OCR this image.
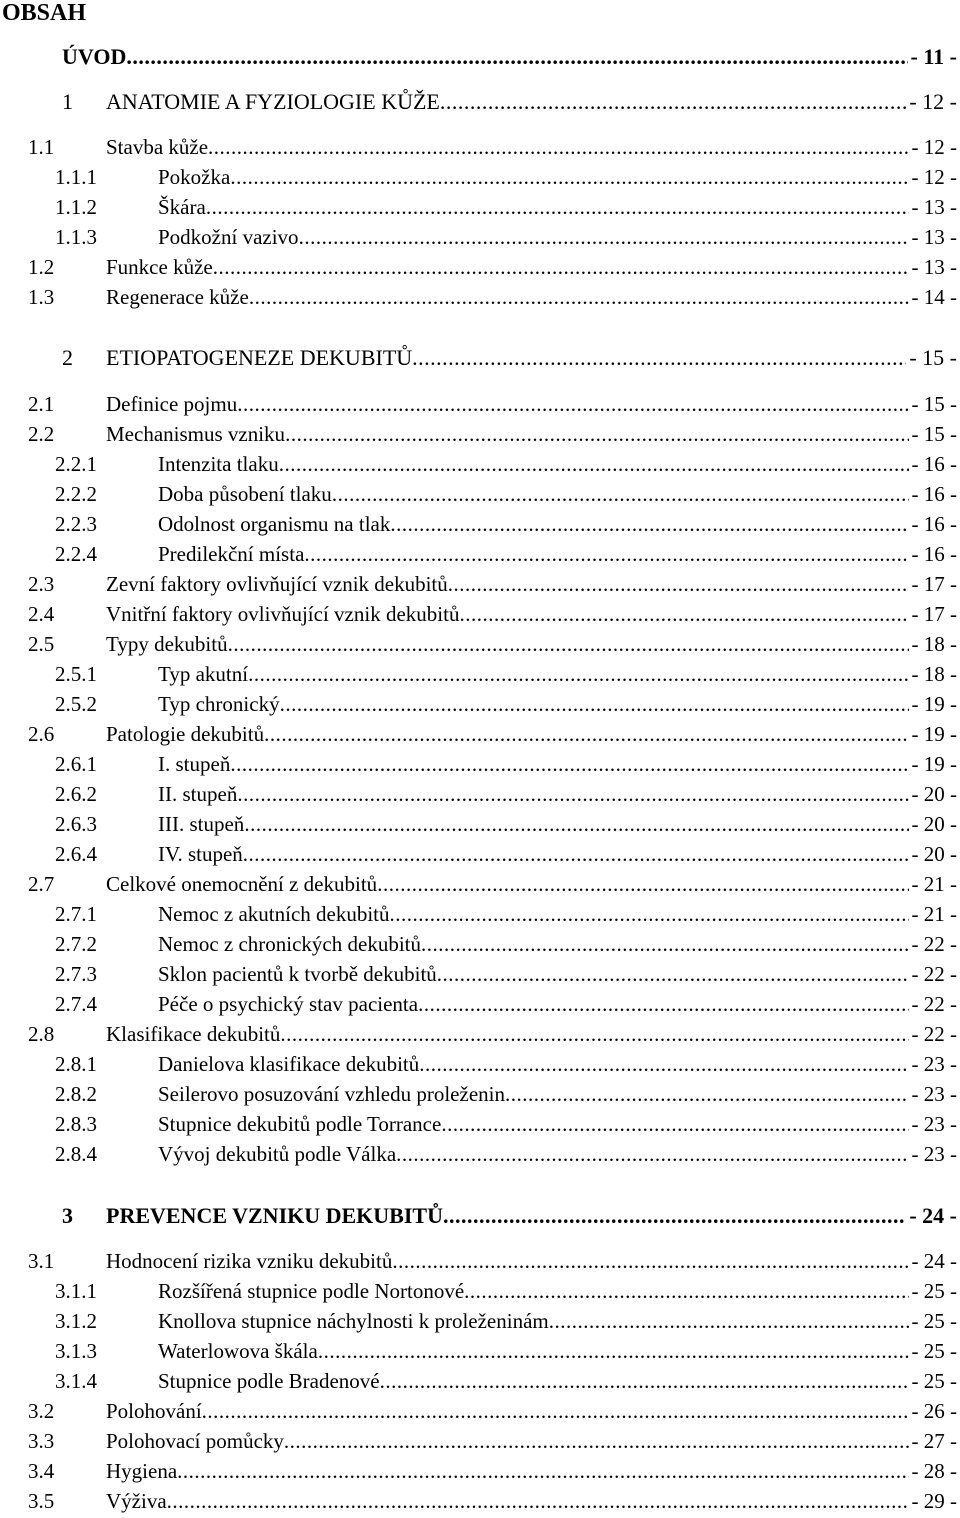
OBSAH
ÚVOD .....	- 11 -
1	ANATOMIE A FYZIOLOGIE KŮŽE .....	- 12 -
1.1	Stavba kůže .....	- 12 -
1.1.1	Pokožka .....	- 12 -
1.1.2	Škára .....	- 13 -
1.1.3	Podkožní vazivo .....	- 13 -
1.2	Funkce kůže .....	- 13 -
1.3	Regenerace kůže .....	- 14 -
2	ETIOPATOGENEZE DEKUBITŮ .....	- 15 -
2.1	Definice pojmu .....	- 15 -
2.2	Mechanismus vzniku .....	- 15 -
2.2.1	Intenzita tlaku .....	- 16 -
2.2.2	Doba působení tlaku .....	- 16 -
2.2.3	Odolnost organismu na tlak .....	- 16 -
2.2.4	Predilekční místa .....	- 16 -
2.3	Zevní faktory ovlivňující vznik dekubitů .....	- 17 -
2.4	Vnitřní faktory ovlivňující vznik dekubitů .....	- 17 -
2.5	Typy dekubitů .....	- 18 -
2.5.1	Typ akutní .....	- 18 -
2.5.2	Typ chronický .....	- 19 -
2.6	Patologie dekubitů .....	- 19 -
2.6.1	I. stupeň .....	- 19 -
2.6.2	II. stupeň .....	- 20 -
2.6.3	III. stupeň .....	- 20 -
2.6.4	IV. stupeň .....	- 20 -
2.7	Celkové onemocnění z dekubitů .....	- 21 -
2.7.1	Nemoc z akutních dekubitů .....	- 21 -
2.7.2	Nemoc z chronických dekubitů .....	- 22 -
2.7.3	Sklon pacientů k tvorbě dekubitů .....	- 22 -
2.7.4	Péče o psychický stav pacienta .....	- 22 -
2.8	Klasifikace dekubitů .....	- 22 -
2.8.1	Danielova klasifikace dekubitů .....	- 23 -
2.8.2	Seilerovo posuzování vzhledu proleženin .....	- 23 -
2.8.3	Stupnice dekubitů podle Torrance .....	- 23 -
2.8.4	Vývoj dekubitů podle Válka .....	- 23 -
3	PREVENCE VZNIKU DEKUBITŮ .....	- 24 -
3.1	Hodnocení rizika vzniku dekubitů .....	- 24 -
3.1.1	Rozšířená stupnice podle Nortonové .....	- 25 -
3.1.2	Knollova stupnice náchylnosti k proleženinám .....	- 25 -
3.1.3	Waterlowova škála .....	- 25 -
3.1.4	Stupnice podle Bradenové .....	- 25 -
3.2	Polohování .....	- 26 -
3.3	Polohovací pomůcky .....	- 27 -
3.4	Hygiena .....	- 28 -
3.5	Výživa .....	- 29 -
